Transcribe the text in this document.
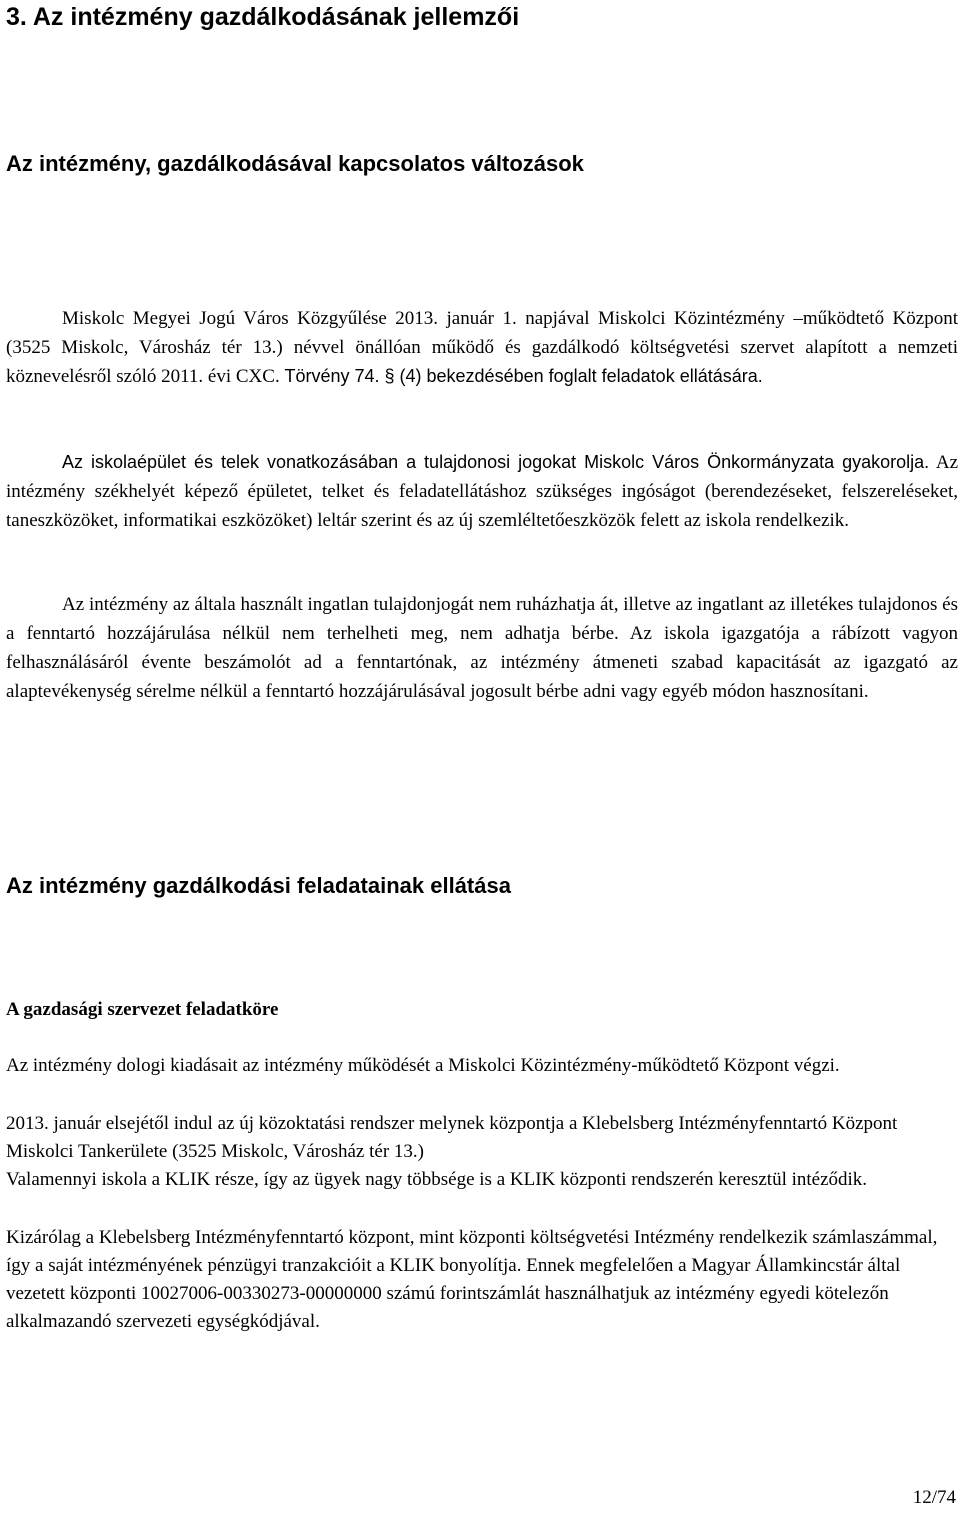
3. Az intézmény gazdálkodásának jellemzői
Az intézmény, gazdálkodásával kapcsolatos változások

Miskolc Megyei Jogú Város Közgyűlése 2013. január 1. napjával Miskolci Közintézmény –működtető Központ (3525 Miskolc, Városház tér 13.) névvel önállóan működő és gazdálkodó költségvetési szervet alapított a nemzeti köznevelésről szóló 2011. évi CXC. Törvény 74. § (4) bekezdésében foglalt feladatok ellátására.

Az iskolaépület és telek vonatkozásában a tulajdonosi jogokat Miskolc Város Önkormányzata gyakorolja. Az intézmény székhelyét képező épületet, telket és feladatellátáshoz szükséges ingóságot (berendezéseket, felszereléseket, taneszközöket, informatikai eszközöket) leltár szerint és az új szemléltetőeszközök felett az iskola rendelkezik.

Az intézmény az általa használt ingatlan tulajdonjogát nem ruházhatja át, illetve az ingatlant az illetékes tulajdonos és a fenntartó hozzájárulása nélkül nem terhelheti meg, nem adhatja bérbe. Az iskola igazgatója a rábízott vagyon felhasználásáról évente beszámolót ad a fenntartónak, az intézmény átmeneti szabad kapacitását az igazgató az alaptevékenység sérelme nélkül a fenntartó hozzájárulásával jogosult bérbe adni vagy egyéb módon hasznosítani.

Az intézmény gazdálkodási feladatainak ellátása
A gazdasági szervezet feladatköre

Az intézmény dologi kiadásait az intézmény működését a Miskolci Közintézmény-működtető Központ végzi.

2013. január elsejétől indul az új közoktatási rendszer melynek központja a Klebelsberg Intézményfenntartó Központ Miskolci Tankerülete (3525 Miskolc, Városház tér 13.)

Valamennyi iskola a KLIK része, így az ügyek nagy többsége is a KLIK központi rendszerén keresztül intéződik.

Kizárólag a Klebelsberg Intézményfenntartó központ, mint központi költségvetési Intézmény rendelkezik számlaszámmal, így a saját intézményének pénzügyi tranzakcióit a KLIK bonyolítja. Ennek megfelelően a Magyar Államkincstár által vezetett központi 10027006-00330273-00000000 számú forintszámlát használhatjuk az intézmény egyedi kötelezőn alkalmazandó szervezeti egységkódjával.

12/74
